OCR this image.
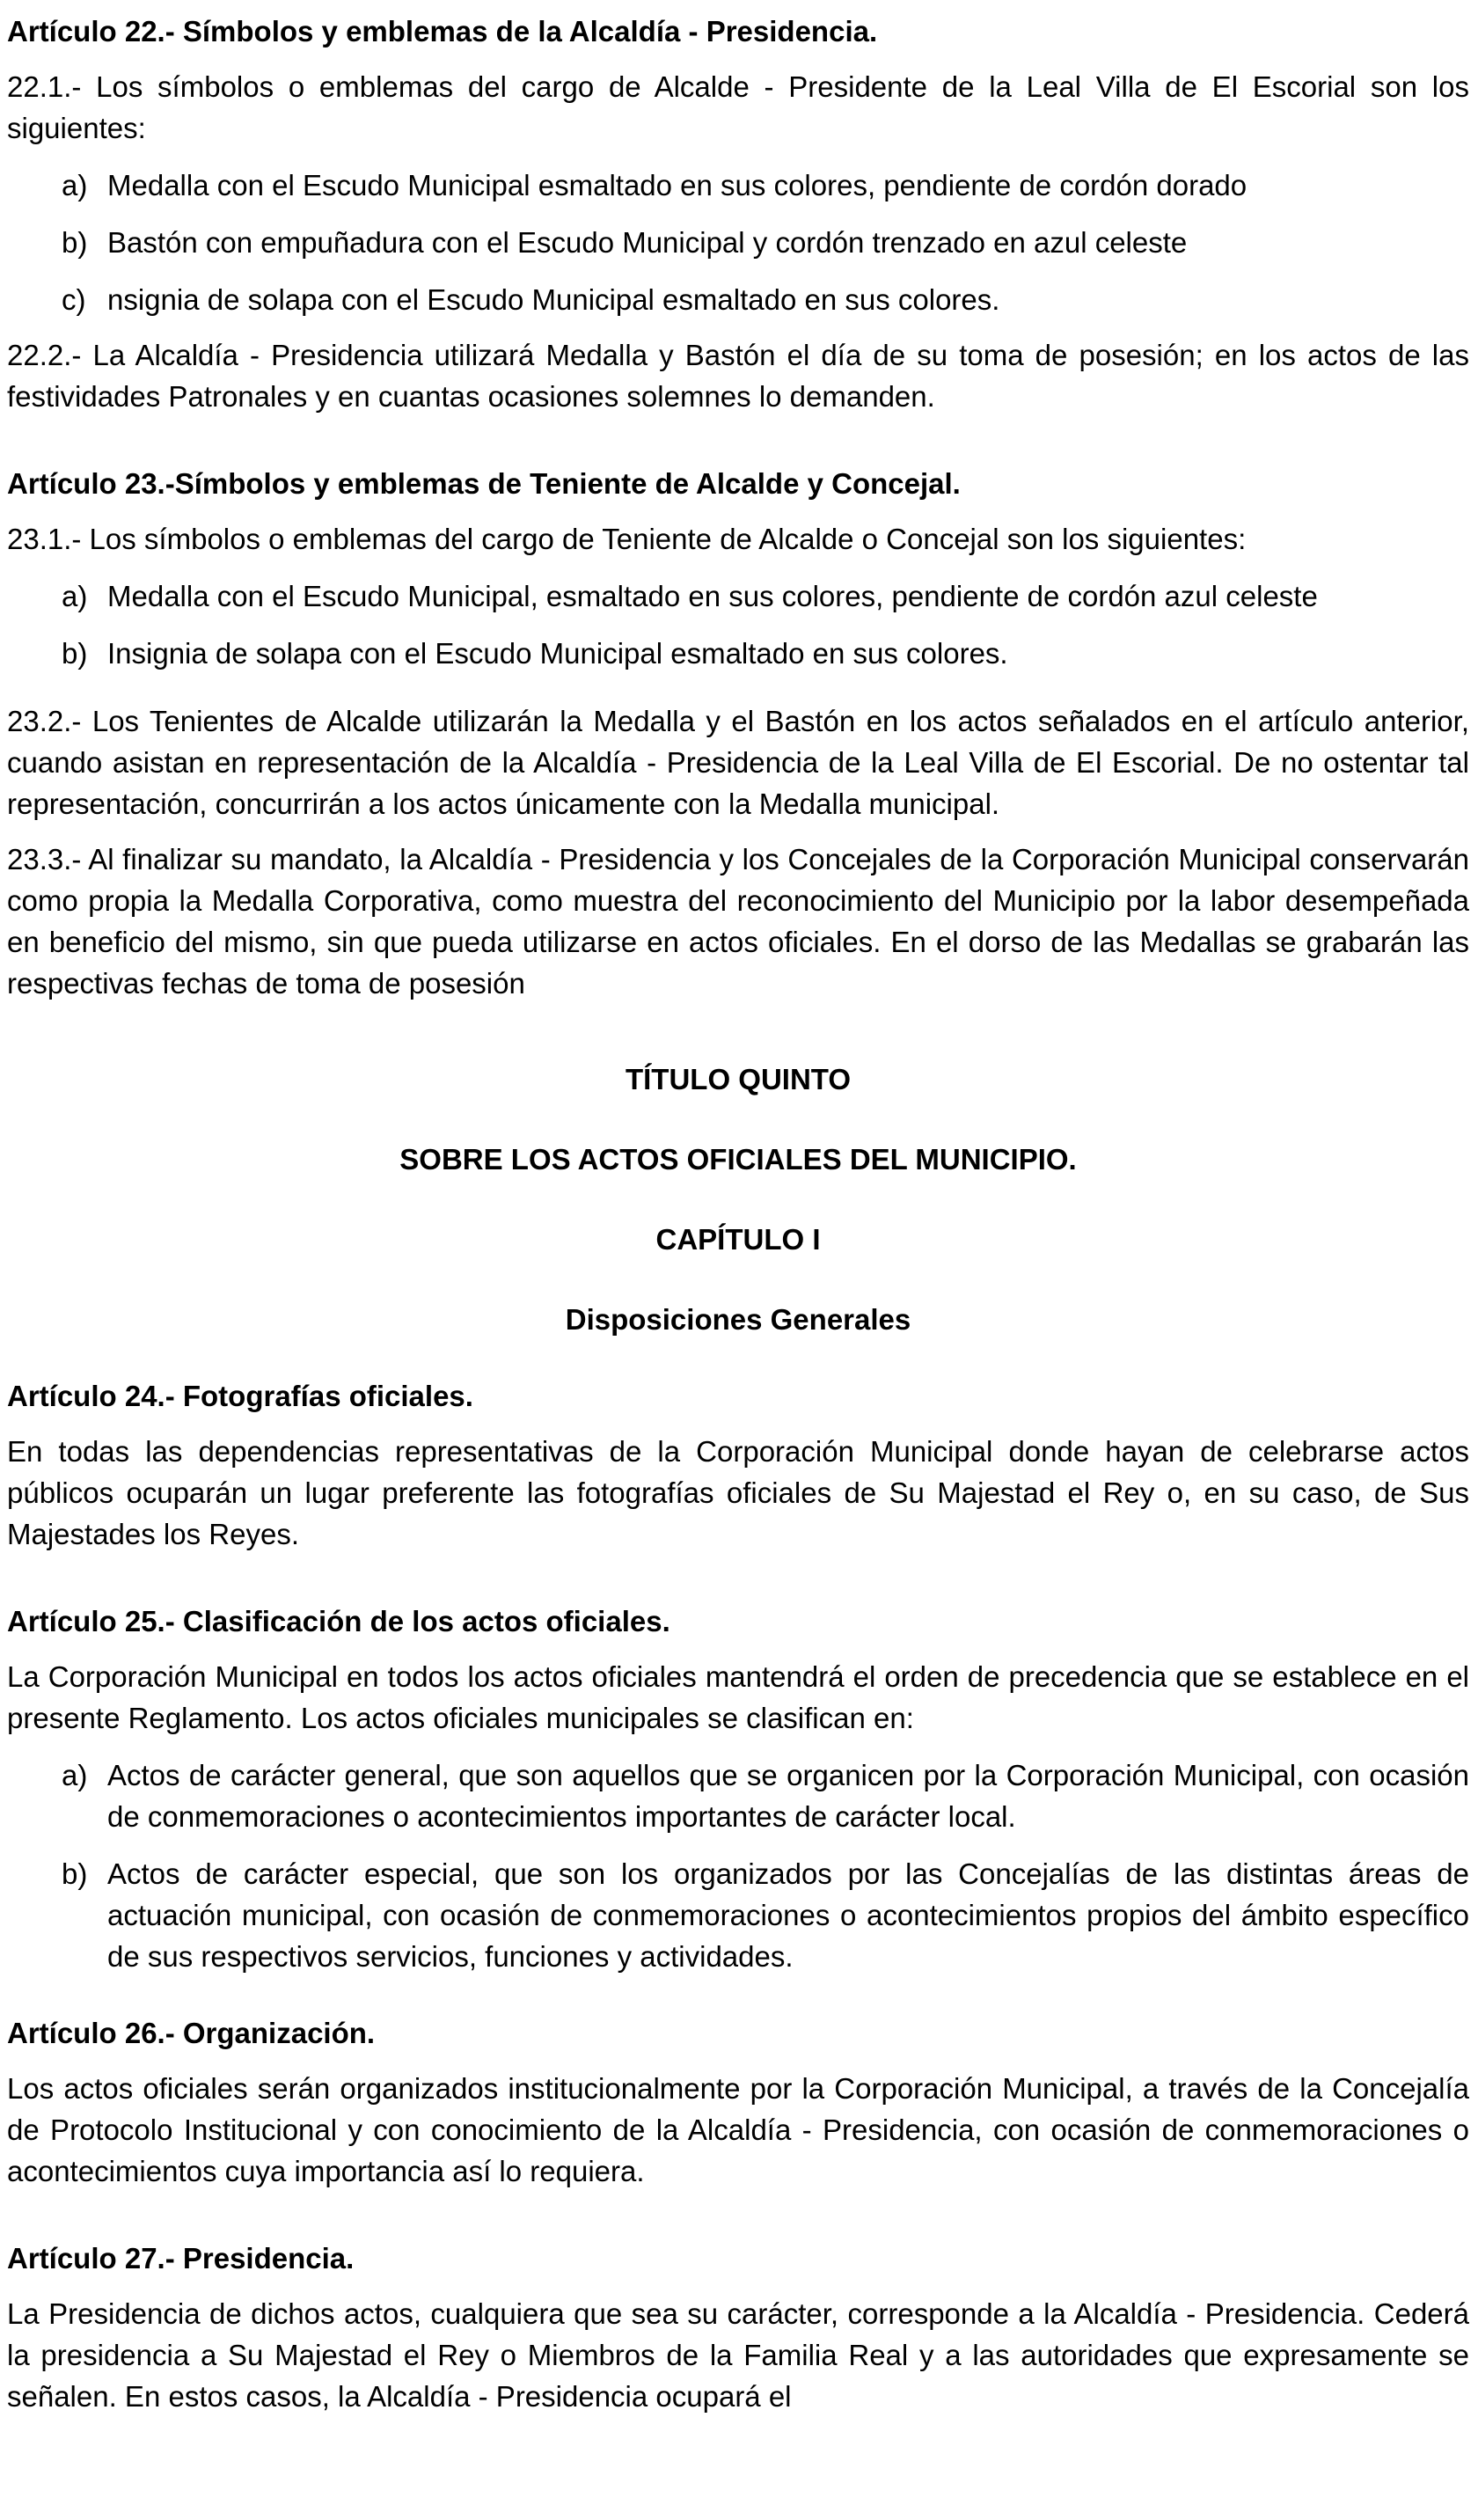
Artículo 22.- Símbolos y emblemas de la Alcaldía - Presidencia.

22.1.- Los símbolos o emblemas del cargo de Alcalde - Presidente de la Leal Villa de El Escorial son los siguientes:

a) Medalla con el Escudo Municipal esmaltado en sus colores, pendiente de cordón dorado
b) Bastón con empuñadura con el Escudo Municipal y cordón trenzado en azul celeste
c) nsignia de solapa con el Escudo Municipal esmaltado en sus colores.

22.2.- La Alcaldía - Presidencia utilizará Medalla y Bastón el día de su toma de posesión; en los actos de las festividades Patronales y en cuantas ocasiones solemnes lo demanden.

Artículo 23.-Símbolos y emblemas de Teniente de Alcalde y Concejal.

23.1.- Los símbolos o emblemas del cargo de Teniente de Alcalde o Concejal son los siguientes:

a) Medalla con el Escudo Municipal, esmaltado en sus colores, pendiente de cordón azul celeste
b) Insignia de solapa con el Escudo Municipal esmaltado en sus colores.

23.2.- Los Tenientes de Alcalde utilizarán la Medalla y el Bastón en los actos señalados en el artículo anterior, cuando asistan en representación de la Alcaldía - Presidencia de la Leal Villa de El Escorial. De no ostentar tal representación, concurrirán a los actos únicamente con la Medalla municipal.

23.3.- Al finalizar su mandato, la Alcaldía - Presidencia y los Concejales de la Corporación Municipal conservarán como propia la Medalla Corporativa, como muestra del reconocimiento del Municipio por la labor desempeñada en beneficio del mismo, sin que pueda utilizarse en actos oficiales. En el dorso de las Medallas se grabarán las respectivas fechas de toma de posesión

TÍTULO QUINTO
SOBRE LOS ACTOS OFICIALES DEL MUNICIPIO.
CAPÍTULO I
Disposiciones Generales
Artículo 24.- Fotografías oficiales.

En todas las dependencias representativas de la Corporación Municipal donde hayan de celebrarse actos públicos ocuparán un lugar preferente las fotografías oficiales de Su Majestad el Rey o, en su caso, de Sus Majestades los Reyes.

Artículo 25.- Clasificación de los actos oficiales.

La Corporación Municipal en todos los actos oficiales mantendrá el orden de precedencia que se establece en el presente Reglamento. Los actos oficiales municipales se clasifican en:

a) Actos de carácter general, que son aquellos que se organicen por la Corporación Municipal, con ocasión de conmemoraciones o acontecimientos importantes de carácter local.
b) Actos de carácter especial, que son los organizados por las Concejalías de las distintas áreas de actuación municipal, con ocasión de conmemoraciones o acontecimientos propios del ámbito específico de sus respectivos servicios, funciones y actividades.
Artículo 26.- Organización.

Los actos oficiales serán organizados institucionalmente por la Corporación Municipal, a través de la Concejalía de Protocolo Institucional y con conocimiento de la Alcaldía - Presidencia, con ocasión de conmemoraciones o acontecimientos cuya importancia así lo requiera.

Artículo 27.- Presidencia.

La Presidencia de dichos actos, cualquiera que sea su carácter, corresponde a la Alcaldía - Presidencia. Cederá la presidencia a Su Majestad el Rey o Miembros de la Familia Real y a las autoridades que expresamente se señalen. En estos casos, la Alcaldía - Presidencia ocupará el
